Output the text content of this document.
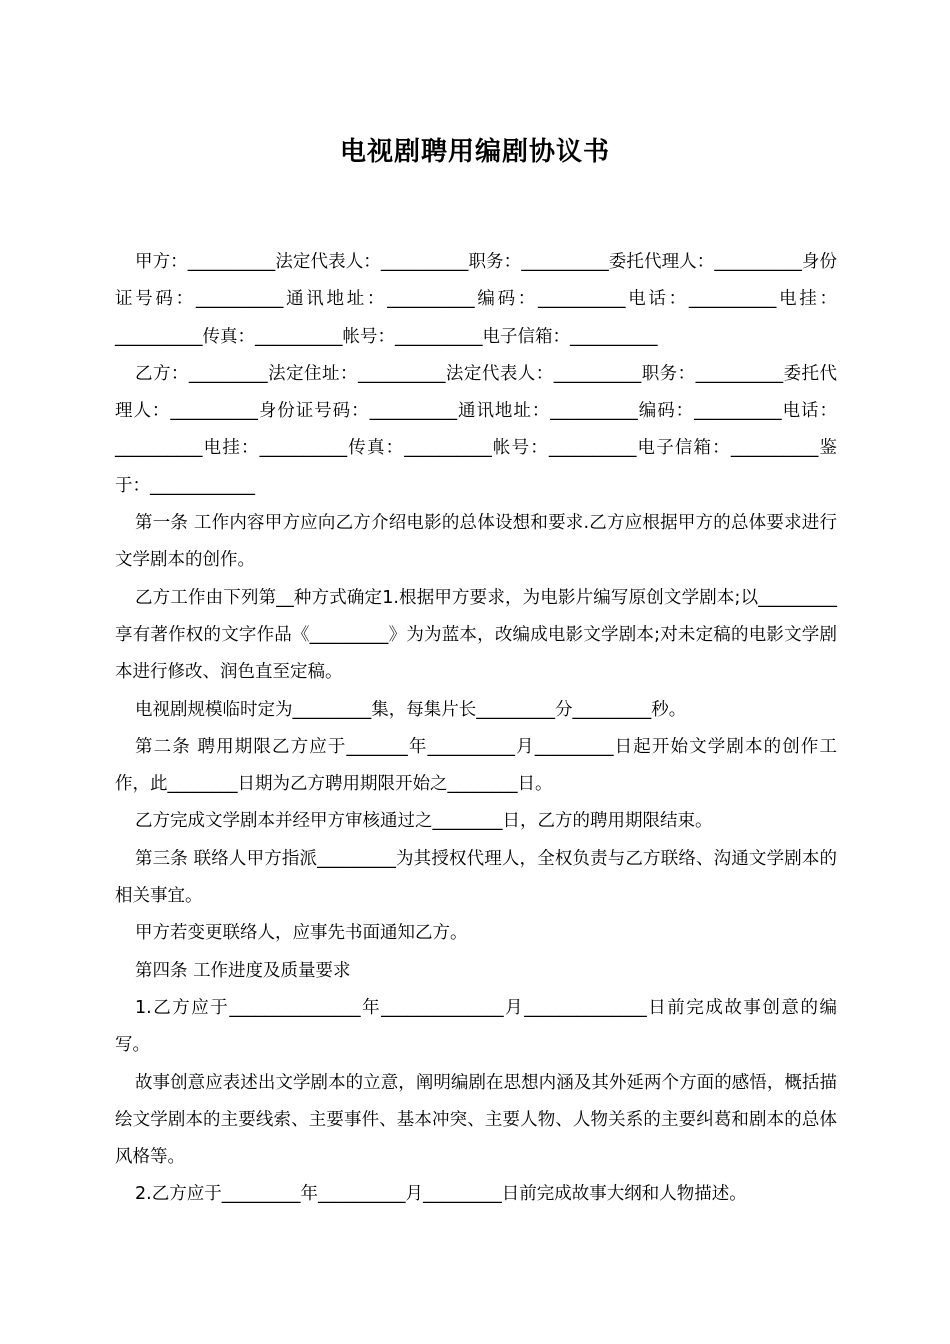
电视剧聘用编剧协议书

甲方：__________法定代表人：__________职务：__________委托代理人：__________身份证号码：__________通讯地址：__________编码：__________电话：__________电挂：__________传真：__________帐号：__________电子信箱：__________

乙方：_________法定住址：__________法定代表人：__________职务：__________委托代理人：__________身份证号码：__________通讯地址：__________编码：__________电话：__________电挂：__________传真：__________帐号：__________电子信箱：__________鉴于：____________

第一条 工作内容甲方应向乙方介绍电影的总体设想和要求.乙方应根据甲方的总体要求进行文学剧本的创作。

乙方工作由下列第__种方式确定1.根据甲方要求，为电影片编写原创文学剧本;以_________享有著作权的文字作品《_________》为为蓝本，改编成电影文学剧本;对未定稿的电影文学剧本进行修改、润色直至定稿。

电视剧规模临时定为_________集，每集片长_________分_________秒。

第二条 聘用期限乙方应于_______年__________月_________日起开始文学剧本的创作工作，此________日期为乙方聘用期限开始之________日。

乙方完成文学剧本并经甲方审核通过之________日，乙方的聘用期限结束。

第三条 联络人甲方指派_________为其授权代理人，全权负责与乙方联络、沟通文学剧本的相关事宜。

甲方若变更联络人，应事先书面通知乙方。

第四条 工作进度及质量要求

1.乙方应于_______________年______________月______________日前完成故事创意的编写。

故事创意应表述出文学剧本的立意，阐明编剧在思想内涵及其外延两个方面的感悟，概括描绘文学剧本的主要线索、主要事件、基本冲突、主要人物、人物关系的主要纠葛和剧本的总体风格等。

2.乙方应于_________年__________月_________日前完成故事大纲和人物描述。
